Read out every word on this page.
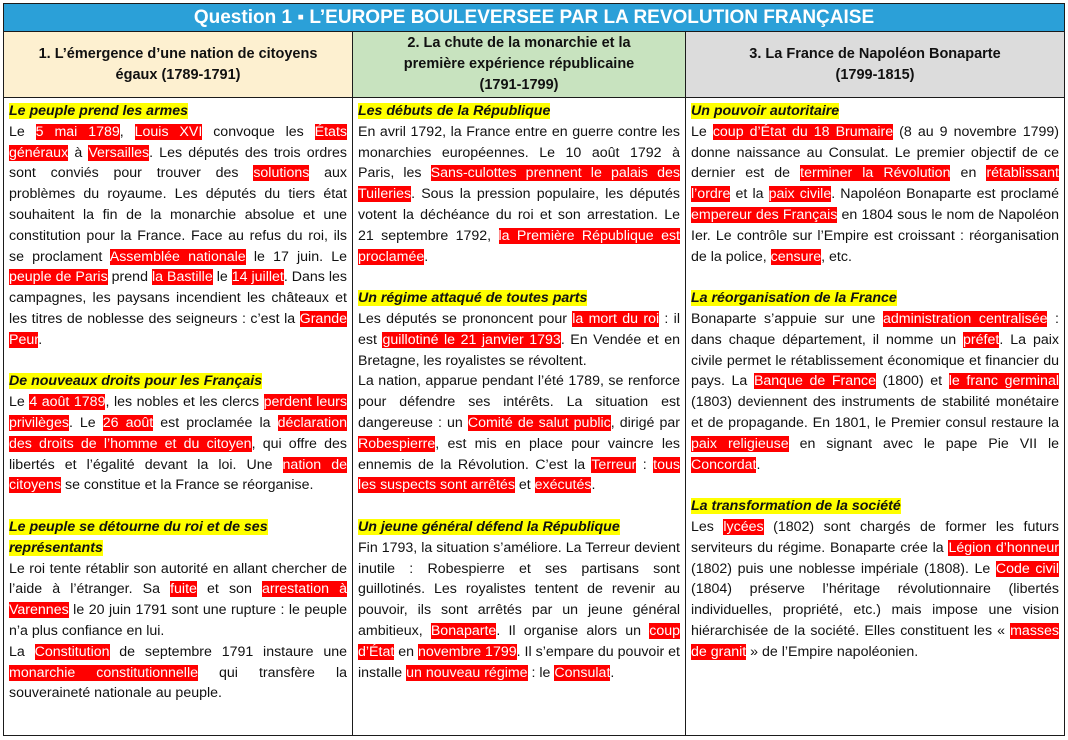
Question 1 ▪ L’EUROPE BOULEVERSEE PAR LA REVOLUTION FRANÇAISE
1. L’émergence d’une nation de citoyens
égaux (1789-1791)
2. La chute de la monarchie et la
première expérience républicaine
(1791-1799)
3. La France de Napoléon Bonaparte
(1799-1815)
Le peuple prend les armes
Le 5 mai 1789, Louis XVI convoque les États généraux à Versailles. Les députés des trois ordres sont conviés pour trouver des solutions aux problèmes du royaume. Les députés du tiers état souhaitent la fin de la monarchie absolue et une constitution pour la France. Face au refus du roi, ils se proclament Assemblée nationale le 17 juin. Le peuple de Paris prend la Bastille le 14 juillet. Dans les campagnes, les paysans incendient les châteaux et les titres de noblesse des seigneurs : c’est la Grande Peur.
De nouveaux droits pour les Français
Le 4 août 1789, les nobles et les clercs perdent leurs privilèges. Le 26 août est proclamée la déclaration des droits de l’homme et du citoyen, qui offre des libertés et l’égalité devant la loi. Une nation de citoyens se constitue et la France se réorganise.
Le peuple se détourne du roi et de ses représentants
Le roi tente rétablir son autorité en allant chercher de l’aide à l’étranger. Sa fuite et son arrestation à Varennes le 20 juin 1791 sont une rupture : le peuple n’a plus confiance en lui.
La Constitution de septembre 1791 instaure une monarchie constitutionnelle qui transfère la souveraineté nationale au peuple.
Les débuts de la République
En avril 1792, la France entre en guerre contre les monarchies européennes. Le 10 août 1792 à Paris, les Sans-culottes prennent le palais des Tuileries. Sous la pression populaire, les députés votent la déchéance du roi et son arrestation. Le 21 septembre 1792, la Première République est proclamée.
Un régime attaqué de toutes parts
Les députés se prononcent pour la mort du roi : il est guillotiné le 21 janvier 1793. En Vendée et en Bretagne, les royalistes se révoltent.
La nation, apparue pendant l’été 1789, se renforce pour défendre ses intérêts. La situation est dangereuse : un Comité de salut public, dirigé par Robespierre, est mis en place pour vaincre les ennemis de la Révolution. C’est la Terreur : tous les suspects sont arrêtés et exécutés.
Un jeune général défend la République
Fin 1793, la situation s’améliore. La Terreur devient inutile : Robespierre et ses partisans sont guillotinés. Les royalistes tentent de revenir au pouvoir, ils sont arrêtés par un jeune général ambitieux, Bonaparte. Il organise alors un coup d’État en novembre 1799. Il s’empare du pouvoir et installe un nouveau régime : le Consulat.
Un pouvoir autoritaire
Le coup d’État du 18 Brumaire (8 au 9 novembre 1799) donne naissance au Consulat. Le premier objectif de ce dernier est de terminer la Révolution en rétablissant l’ordre et la paix civile. Napoléon Bonaparte est proclamé empereur des Français en 1804 sous le nom de Napoléon Ier. Le contrôle sur l’Empire est croissant : réorganisation de la police, censure, etc.
La réorganisation de la France
Bonaparte s’appuie sur une administration centralisée : dans chaque département, il nomme un préfet. La paix civile permet le rétablissement économique et financier du pays. La Banque de France (1800) et le franc germinal (1803) deviennent des instruments de stabilité monétaire et de propagande. En 1801, le Premier consul restaure la paix religieuse en signant avec le pape Pie VII le Concordat.
La transformation de la société
Les lycées (1802) sont chargés de former les futurs serviteurs du régime. Bonaparte crée la Légion d’honneur (1802) puis une noblesse impériale (1808). Le Code civil (1804) préserve l’héritage révolutionnaire (libertés individuelles, propriété, etc.) mais impose une vision hiérarchisée de la société. Elles constituent les « masses de granit » de l’Empire napoléonien.
